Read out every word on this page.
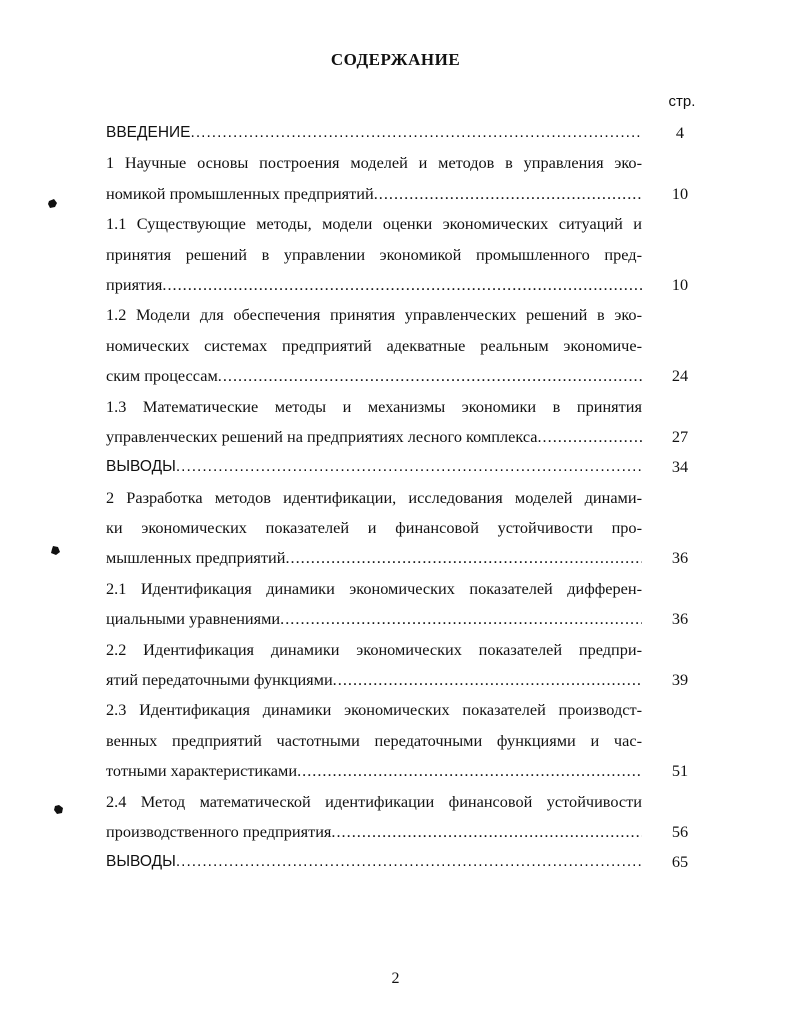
СОДЕРЖАНИЕ
стр.
ВВЕДЕНИЕ .....	4
1 Научные основы построения моделей и методов в управления эко-
номикой промышленных предприятий .....	10
1.1 Существующие методы, модели оценки экономических ситуаций и
принятия решений в управлении экономикой промышленного пред-
приятия .....	10
1.2 Модели для обеспечения принятия управленческих решений в эко-
номических системах предприятий адекватные реальным экономиче-
ским процессам .....	24
1.3 Математические методы и механизмы экономики в принятия
управленческих решений на предприятиях лесного комплекса .....	27
ВЫВОДЫ .....	34
2 Разработка методов идентификации, исследования моделей динами-
ки экономических показателей и финансовой устойчивости про-
мышленных предприятий .....	36
2.1 Идентификация динамики экономических показателей дифферен-
циальными уравнениями .....	36
2.2 Идентификация динамики экономических показателей предпри-
ятий передаточными функциями .....	39
2.3 Идентификация динамики экономических показателей производст-
венных предприятий частотными передаточными функциями и час-
тотными характеристиками .....	51
2.4 Метод математической идентификации финансовой устойчивости
производственного предприятия .....	56
ВЫВОДЫ .....	65
2
